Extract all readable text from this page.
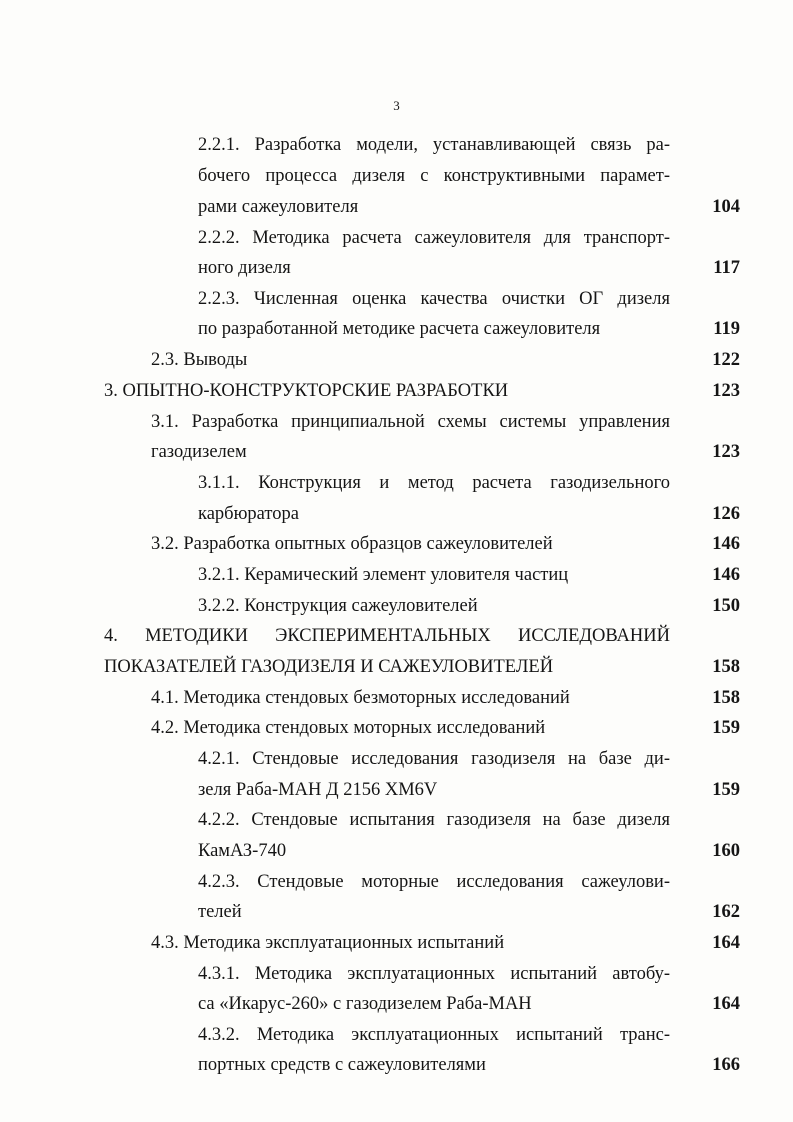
3
2.2.1. Разработка модели, устанавливающей связь ра-
бочего процесса дизеля с конструктивными парамет-
рами сажеуловителя	104
2.2.2. Методика расчета сажеуловителя для транспорт-
ного дизеля	117
2.2.3. Численная оценка качества очистки ОГ дизеля
по разработанной методике расчета сажеуловителя	119
2.3. Выводы	122
3. ОПЫТНО-КОНСТРУКТОРСКИЕ РАЗРАБОТКИ	123
3.1. Разработка принципиальной схемы системы управления
газодизелем	123
3.1.1. Конструкция и метод расчета газодизельного
карбюратора	126
3.2. Разработка опытных образцов сажеуловителей	146
3.2.1. Керамический элемент уловителя частиц	146
3.2.2. Конструкция сажеуловителей	150
4. МЕТОДИКИ ЭКСПЕРИМЕНТАЛЬНЫХ ИССЛЕДОВАНИЙ
ПОКАЗАТЕЛЕЙ ГАЗОДИЗЕЛЯ И САЖЕУЛОВИТЕЛЕЙ	158
4.1. Методика стендовых безмоторных исследований	158
4.2. Методика стендовых моторных исследований	159
4.2.1. Стендовые исследования газодизеля на базе ди-
зеля Раба-МАН Д 2156 ХМ6V	159
4.2.2. Стендовые испытания газодизеля на базе дизеля
КамАЗ-740	160
4.2.3. Стендовые моторные исследования сажеулови-
телей	162
4.3. Методика эксплуатационных испытаний	164
4.3.1. Методика эксплуатационных испытаний автобу-
са «Икарус-260» с газодизелем Раба-МАН	164
4.3.2. Методика эксплуатационных испытаний транс-
портных средств с сажеуловителями	166
